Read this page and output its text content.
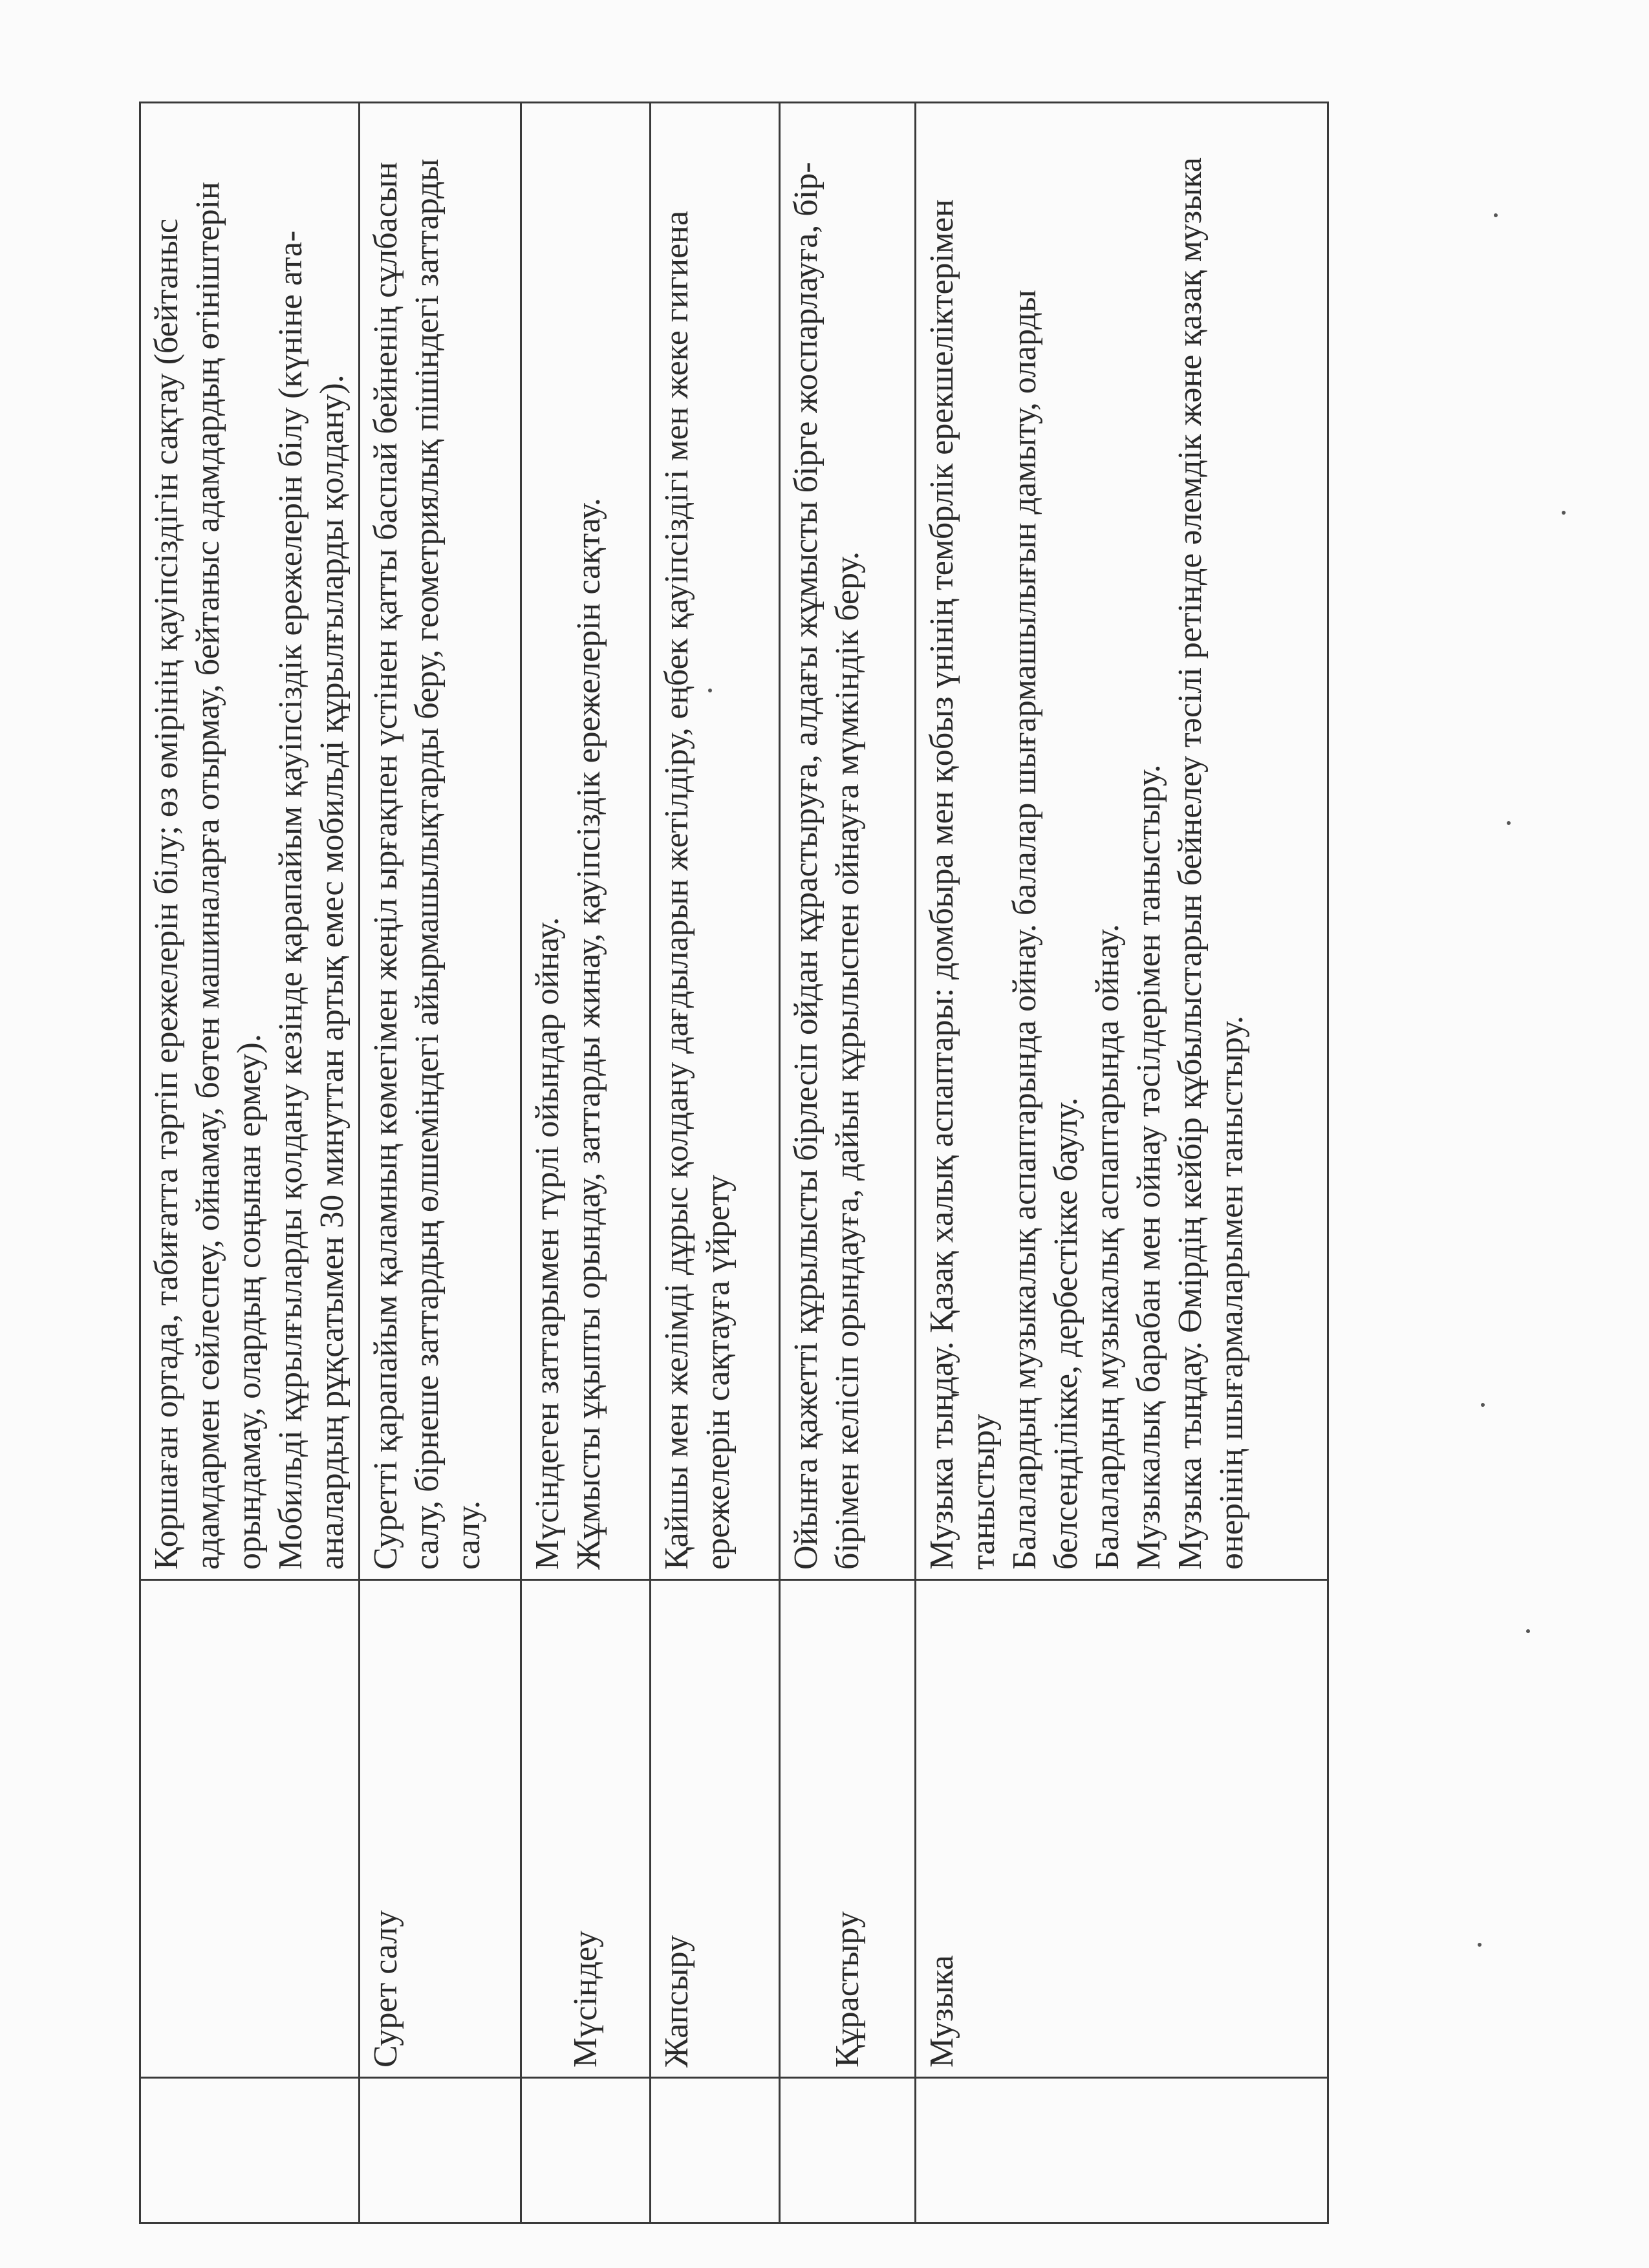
		Қоршаған ортада, табиғатта тәртіп ережелерін білу; өз өмірінің қауіпсіздігін сақтау (бейтаныс адамдармен сөйлеспеу, ойнамау, бөтен машиналарға отырмау, бейтаныс адамдардың өтініштерін орындамау, олардың соңынан ермеу). Мобильді құрылғыларды қолдану кезінде қарапайым қауіпсіздік ережелерін білу (күніне ата-аналардың рұқсатымен 30 минуттан артық емес мобильді құрылғыларды қолдану).

	Сурет салу	Суретті қарапайым қаламның көмегімен жеңіл ырғақпен үстінен қатты баспай бейненің сұлбасын салу, бірнеше заттардың өлшеміндегі айырмашылықтарды беру, геометриялық пішіндегі заттарды салу.

	Мүсіндеу	Мүсіндеген заттарымен түрлі ойындар ойнау. Жұмысты ұқыпты орындау, заттарды жинау, қауіпсіздік ережелерін сақтау.

	Жапсыру	Қайшы мен желімді дұрыс қолдану дағдыларын жетілдіру, еңбек қауіпсіздігі мен жеке гигиена ережелерін сақтауға үйрету

	Құрастыру	Ойынға қажетті құрылысты бірлесіп ойдан құрастыруға, алдағы жұмысты бірге жоспарлауға, бір-бірімен келісіп орындауға, дайын құрылыспен ойнауға мүмкіндік беру.

	Музыка	Музыка тыңдау. Қазақ халық аспаптары: домбыра мен қобыз үнінің тембрлік ерекшеліктерімен таныстыру Балалардың музыкалық аспаптарында ойнау. балалар шығармашылығын дамыту, оларды белсенділікке, дербестікке баулу. Балалардың музыкалық аспаптарында ойнау. Музыкалық барабан мен ойнау тәсілдерімен таныстыру. Музыка тыңдау. Өмірдің кейбір құбылыстарын бейнелеу тәсілі ретінде әлемдік және қазақ музыка өнерінің шығармаларымен таныстыру.
